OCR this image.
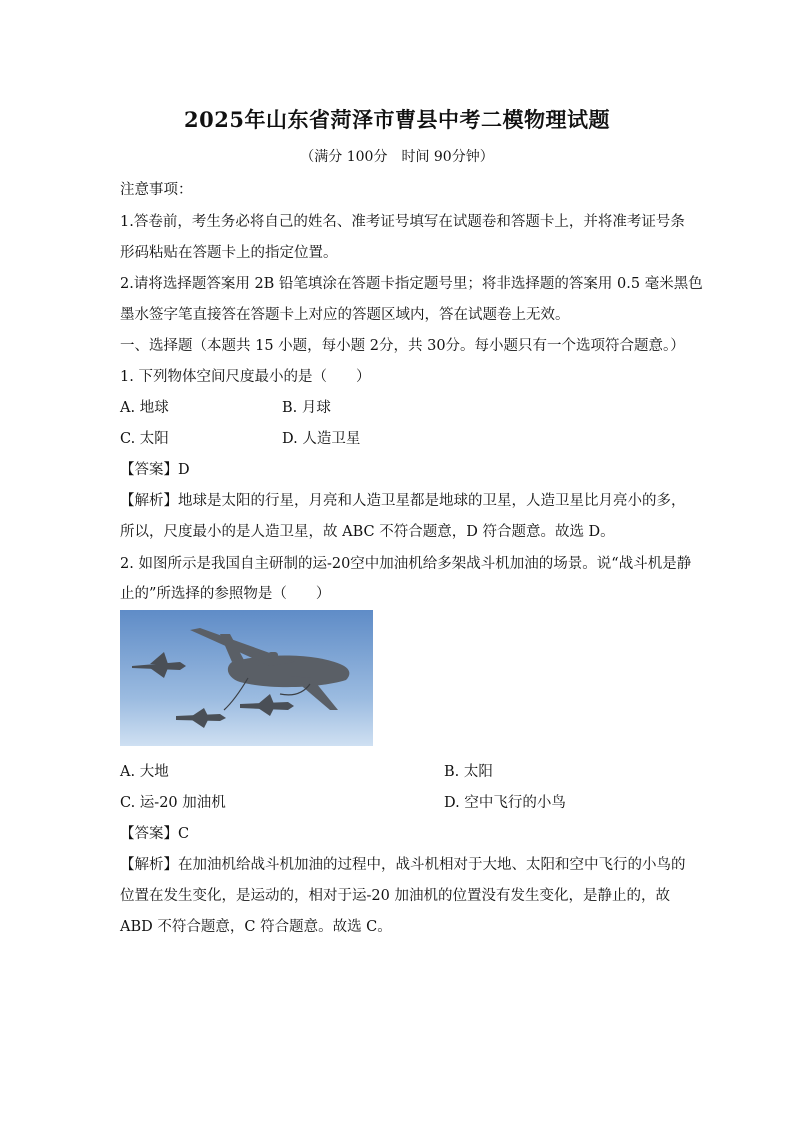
2025年山东省菏泽市曹县中考二模物理试题
（满分 100分　时间 90分钟）
注意事项：
1.答卷前，考生务必将自己的姓名、准考证号填写在试题卷和答题卡上，并将准考证号条
形码粘贴在答题卡上的指定位置。
2.请将选择题答案用 2B 铅笔填涂在答题卡指定题号里；将非选择题的答案用 0.5 毫米黑色
墨水签字笔直接答在答题卡上对应的答题区域内，答在试题卷上无效。
一、选择题（本题共 15 小题，每小题 2分，共 30分。每小题只有一个选项符合题意。）
1. 下列物体空间尺度最小的是（　　）
A. 地球	B. 月球
C. 太阳	D. 人造卫星
【答案】D
【解析】地球是太阳的行星，月亮和人造卫星都是地球的卫星，人造卫星比月亮小的多，
所以，尺度最小的是人造卫星，故 ABC 不符合题意，D 符合题意。故选 D。
2. 如图所示是我国自主研制的运-20空中加油机给多架战斗机加油的场景。说“战斗机是静
止的”所选择的参照物是（　　）
A. 大地	B. 太阳
C. 运-20 加油机	D. 空中飞行的小鸟
【答案】C
【解析】在加油机给战斗机加油的过程中，战斗机相对于大地、太阳和空中飞行的小鸟的
位置在发生变化，是运动的，相对于运-20 加油机的位置没有发生变化，是静止的，故
ABD 不符合题意，C 符合题意。故选 C。
